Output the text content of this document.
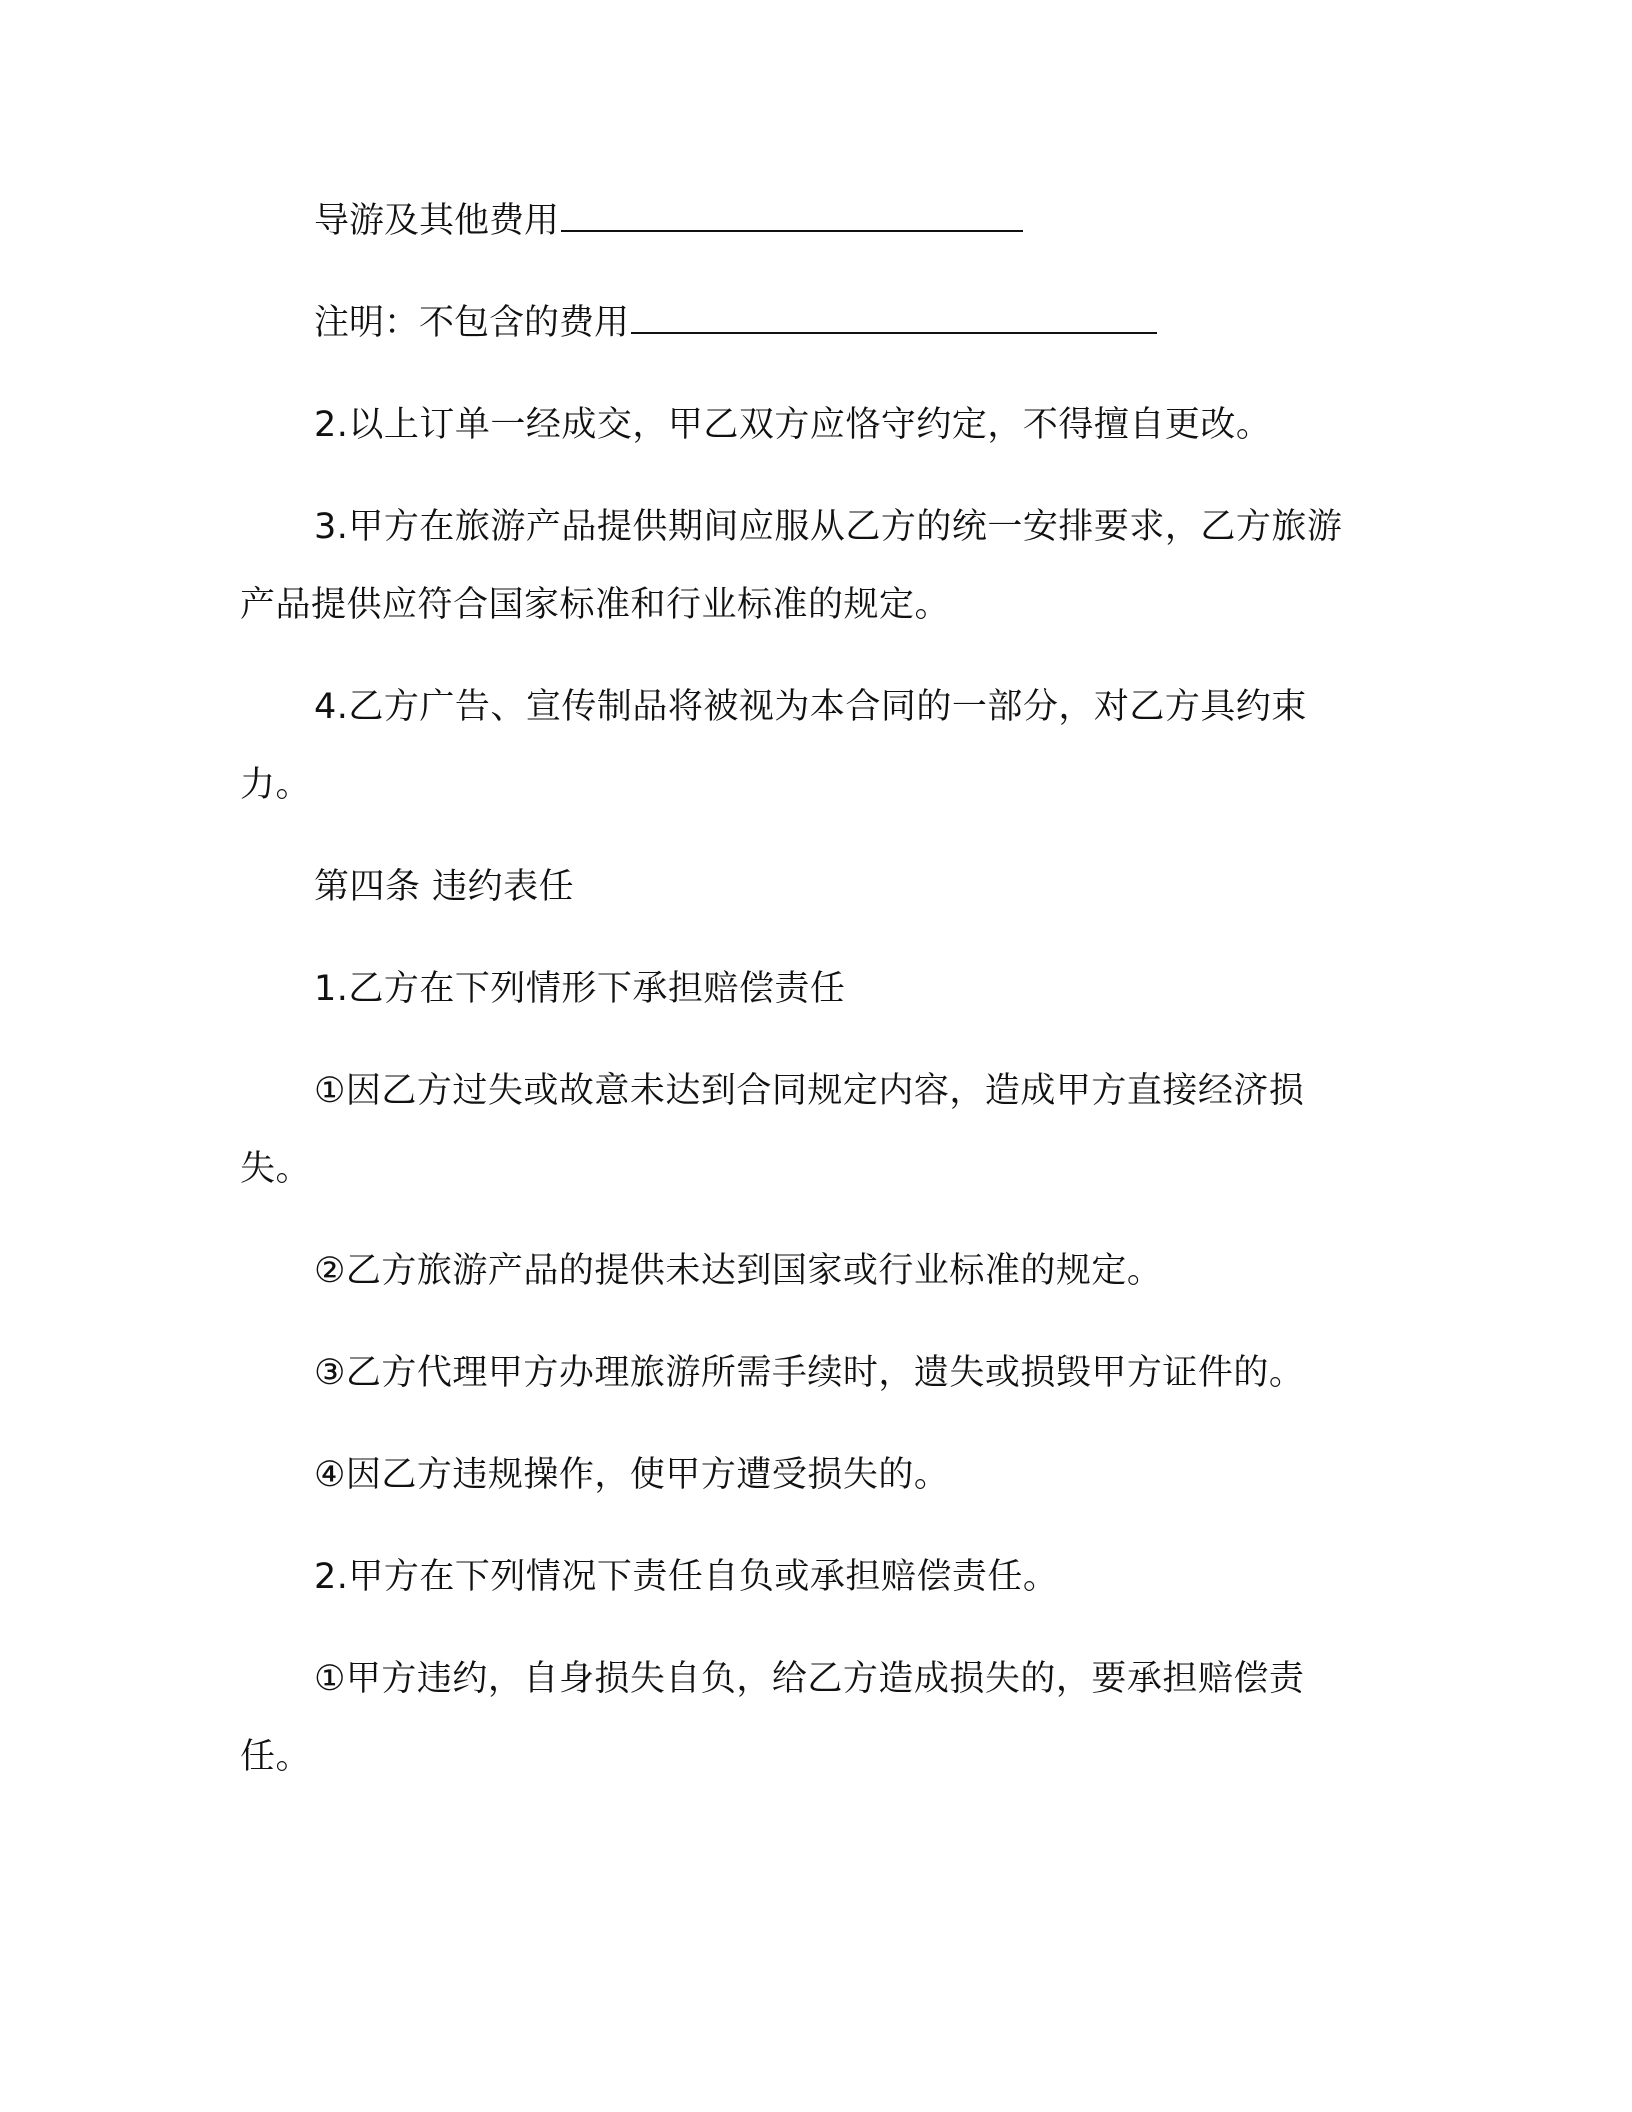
导游及其他费用
注明：不包含的费用

2.以上订单一经成交，甲乙双方应恪守约定，不得擅自更改。

3.甲方在旅游产品提供期间应服从乙方的统一安排要求，乙方旅游产品提供应符合国家标准和行业标准的规定。

4.乙方广告、宣传制品将被视为本合同的一部分，对乙方具约束力。

第四条 违约表任

1.乙方在下列情形下承担赔偿责任

①因乙方过失或故意未达到合同规定内容，造成甲方直接经济损失。

②乙方旅游产品的提供未达到国家或行业标准的规定。

③乙方代理甲方办理旅游所需手续时，遗失或损毁甲方证件的。

④因乙方违规操作，使甲方遭受损失的。

2.甲方在下列情况下责任自负或承担赔偿责任。

①甲方违约，自身损失自负，给乙方造成损失的，要承担赔偿责任。
